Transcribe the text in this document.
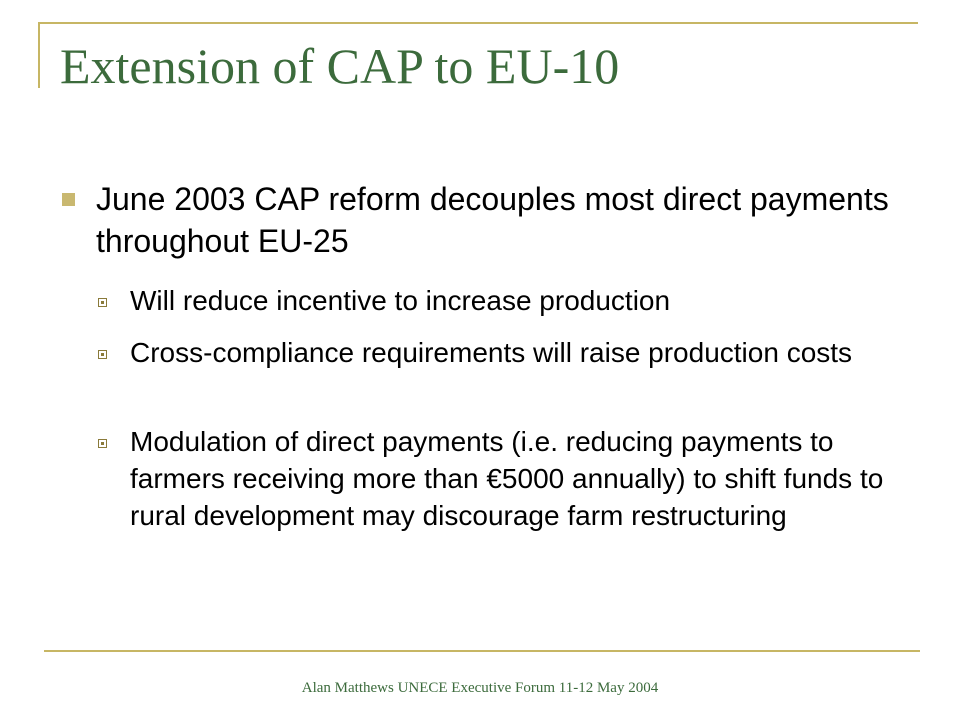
Extension of CAP to EU-10
June 2003 CAP reform decouples most direct payments throughout EU-25
Will reduce incentive to increase production
Cross-compliance requirements will raise production costs
Modulation of direct payments (i.e. reducing payments to farmers receiving more than €5000 annually) to shift funds to rural development may discourage farm restructuring
Alan Matthews UNECE Executive Forum 11-12 May 2004
